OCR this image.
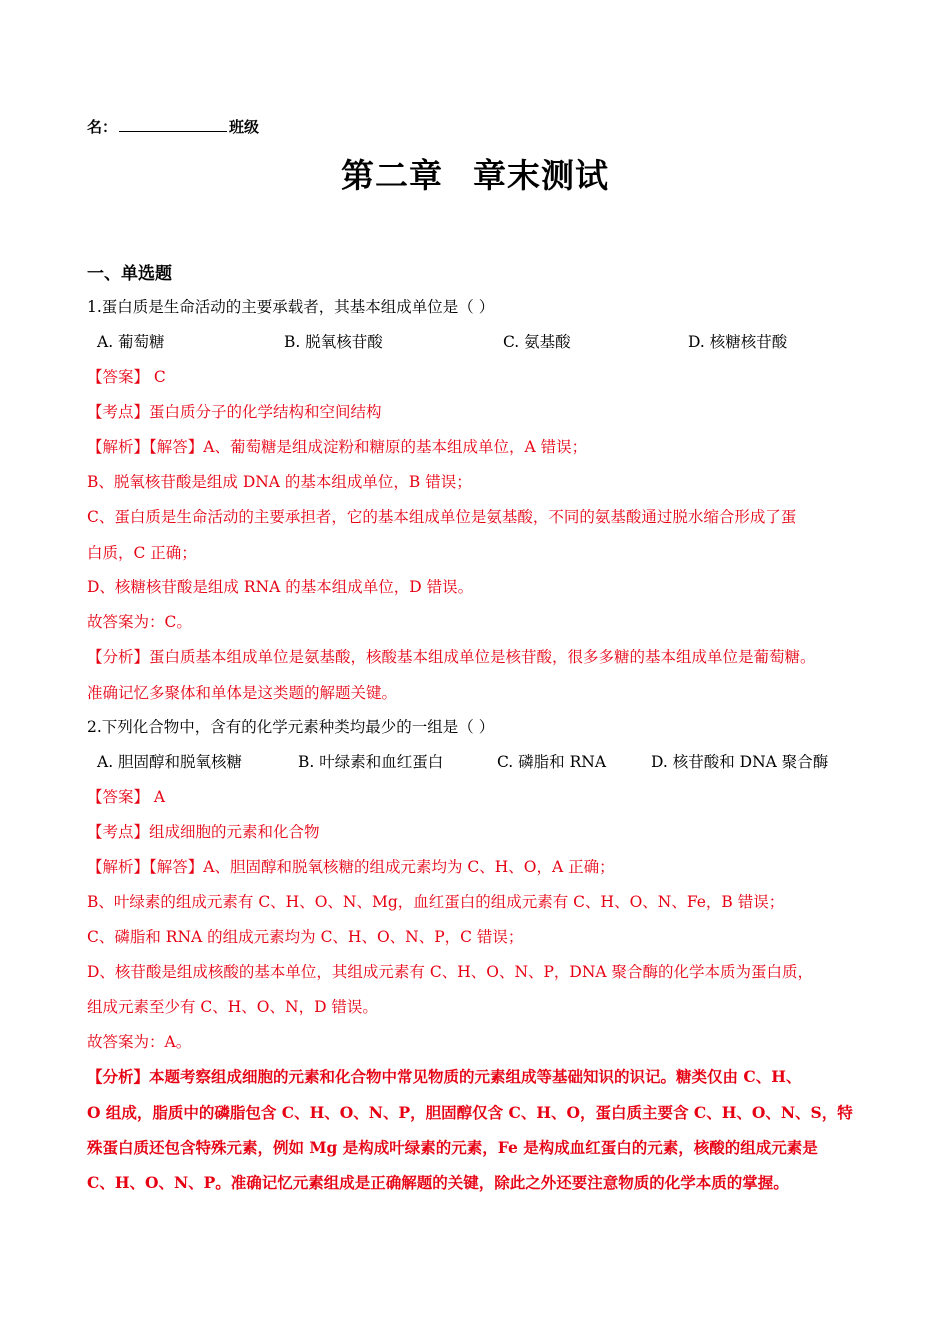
名：	班级
第二章 章末测试
一、单选题
1.蛋白质是生命活动的主要承载者，其基本组成单位是（ ）
A. 葡萄糖	B. 脱氧核苷酸	C. 氨基酸	D. 核糖核苷酸
【答案】 C
【考点】蛋白质分子的化学结构和空间结构
【解析】【解答】A、葡萄糖是组成淀粉和糖原的基本组成单位，A 错误；
B、脱氧核苷酸是组成 DNA 的基本组成单位，B 错误；
C、蛋白质是生命活动的主要承担者，它的基本组成单位是氨基酸，不同的氨基酸通过脱水缩合形成了蛋
白质，C 正确；
D、核糖核苷酸是组成 RNA 的基本组成单位，D 错误。
故答案为：C。
【分析】蛋白质基本组成单位是氨基酸，核酸基本组成单位是核苷酸，很多多糖的基本组成单位是葡萄糖。
准确记忆多聚体和单体是这类题的解题关键。
2.下列化合物中，含有的化学元素种类均最少的一组是（ ）
A. 胆固醇和脱氧核糖	B. 叶绿素和血红蛋白	C. 磷脂和 RNA	D. 核苷酸和 DNA 聚合酶
【答案】 A
【考点】组成细胞的元素和化合物
【解析】【解答】A、胆固醇和脱氧核糖的组成元素均为 C、H、O，A 正确；
B、叶绿素的组成元素有 C、H、O、N、Mg，血红蛋白的组成元素有 C、H、O、N、Fe，B 错误；
C、磷脂和 RNA 的组成元素均为 C、H、O、N、P，C 错误；
D、核苷酸是组成核酸的基本单位，其组成元素有 C、H、O、N、P，DNA 聚合酶的化学本质为蛋白质，
组成元素至少有 C、H、O、N，D 错误。
故答案为：A。
【分析】本题考察组成细胞的元素和化合物中常见物质的元素组成等基础知识的识记。糖类仅由 C、H、
O 组成，脂质中的磷脂包含 C、H、O、N、P，胆固醇仅含 C、H、O，蛋白质主要含 C、H、O、N、S，特
殊蛋白质还包含特殊元素，例如 Mg 是构成叶绿素的元素，Fe 是构成血红蛋白的元素，核酸的组成元素是
C、H、O、N、P。准确记忆元素组成是正确解题的关键，除此之外还要注意物质的化学本质的掌握。
